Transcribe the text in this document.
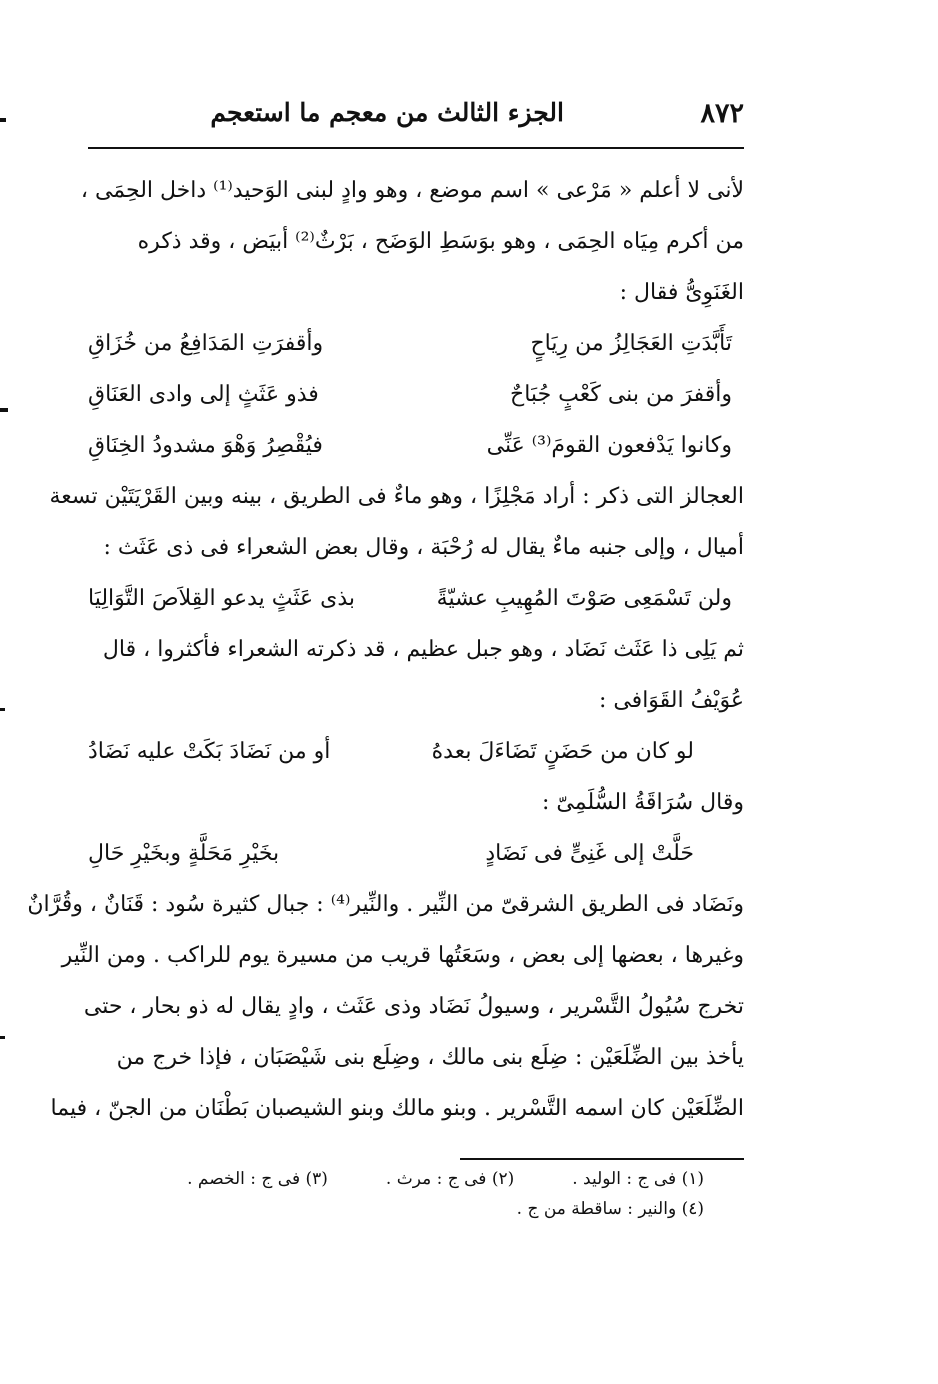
٨٧٢
الجزء الثالث من معجم ما استعجم
لأنى لا أعلم « مَرْعى » اسم موضع ، وهو وادٍ لبنى الوَحيد⁽¹⁾ داخل الحِمَى ،
من أكرم مِيَاه الحِمَى ، وهو بوَسَطِ الوَضَح ، بَرْثٌ⁽²⁾ أبيَض ، وقد ذكره
الغَنَوِىُّ فقال :
تَأَبَّدَتِ العَجَالِزُ من رِيَاحٍ
وأقفرَتِ المَدَافِعُ من خُزَاقِ
وأقفرَ من بنى كَعْبٍ جُبَاحٌ
فذو عَثَثٍ إلى وادى العَنَاقِ
وكانوا يَدْفعون القومَ⁽³⁾ عَنِّى
فيُقْصِرُ وَهْوَ مشدودُ الخِنَاقِ
العجالز التى ذكر : أراد مَجْلِزًا ، وهو ماءٌ فى الطريق ، بينه وبين القَرْيَتَيْن تسعة
أميال ، وإلى جنبه ماءٌ يقال له رُحْبَة ، وقال بعض الشعراء فى ذى عَثَث :
ولن تَسْمَعِى صَوْتَ المُهِيبِ عشيّةً
بذى عَثَثٍ يدعو القِلاَصَ التَّوَالِيَا
ثم يَلِى ذا عَثَث نَضَاد ، وهو جبل عظيم ، قد ذكرته الشعراء فأكثروا ، قال
عُوَيْفُ القَوَافى :
لو كان من حَضَنٍ تَضَاءَلَ بعدهُ
أو من نَضَادَ بَكَتْ عليه نَضَادُ
وقال سُرَاقَةُ السُّلَمِىّ :
حَلَّتْ إلى غَنِىٍّ فى نَضَادٍ
بخَيْرِ مَحَلَّةٍ وبخَيْرِ حَالِ
ونَضَاد فى الطريق الشرقىّ من النِّير . والنِّير⁽⁴⁾ : جبال كثيرة سُود : قَنَانٌ ، وقُرَّانٌ
وغيرها ، بعضها إلى بعض ، وسَعَتُها قريب من مسيرة يوم للراكب . ومن النِّير
تخرج سُيُولُ التَّسْرير ، وسيولُ نَضَاد وذى عَثَث ، وادٍ يقال له ذو بحار ، حتى
يأخذ بين الضِّلَعَيْن : ضِلَع بنى مالك ، وضِلَع بنى شَيْصَبَان ، فإذا خرج من
الضِّلَعَيْن كان اسمه التَّسْرير . وبنو مالك وبنو الشيصبان بَطْنَان من الجنّ ، فيما
(١) فى ج : الوليد .
(٢) فى ج : مرث .
(٣) فى ج : الخصم .
(٤) والنير : ساقطة من ج .
